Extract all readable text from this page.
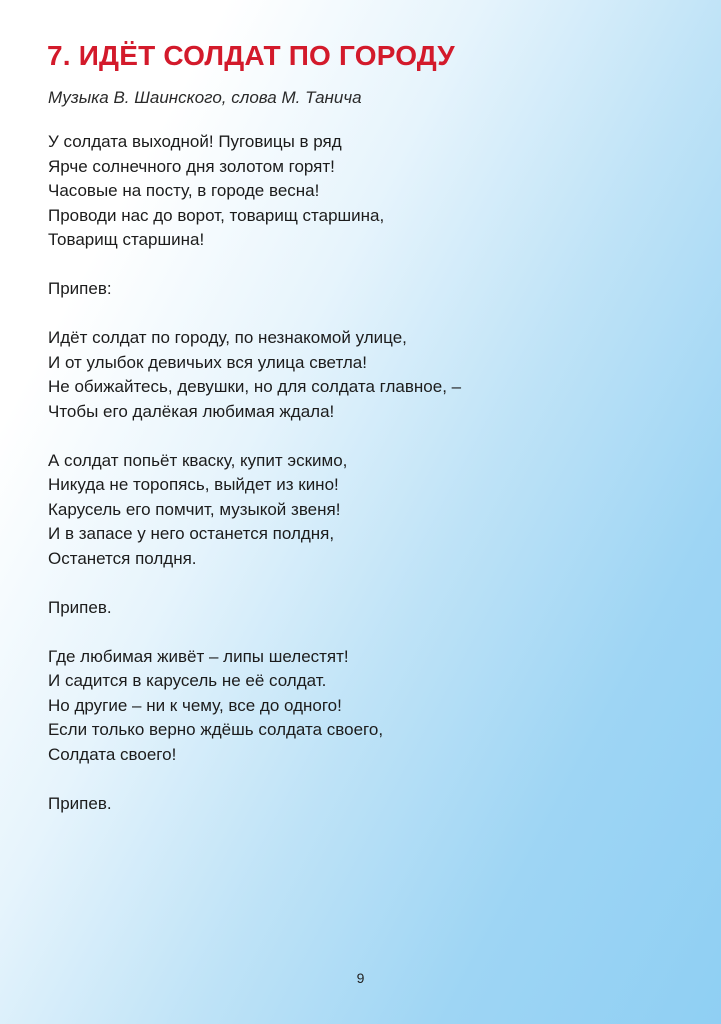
7. ИДЁТ СОЛДАТ ПО ГОРОДУ

Музыка В. Шаинского, слова М. Танича

У солдата выходной! Пуговицы в ряд
Ярче солнечного дня золотом горят!
Часовые на посту, в городе весна!
Проводи нас до ворот, товарищ старшина,
Товарищ старшина!

Припев:

Идёт солдат по городу, по незнакомой улице,
И от улыбок девичьих вся улица светла!
Не обижайтесь, девушки, но для солдата главное, –
Чтобы его далёкая любимая ждала!

А солдат попьёт кваску, купит эскимо,
Никуда не торопясь, выйдет из кино!
Карусель его помчит, музыкой звеня!
И в запасе у него останется полдня,
Останется полдня.

Припев.

Где любимая живёт – липы шелестят!
И садится в карусель не её солдат.
Но другие – ни к чему, все до одного!
Если только верно ждёшь солдата своего,
Солдата своего!

Припев.

9
